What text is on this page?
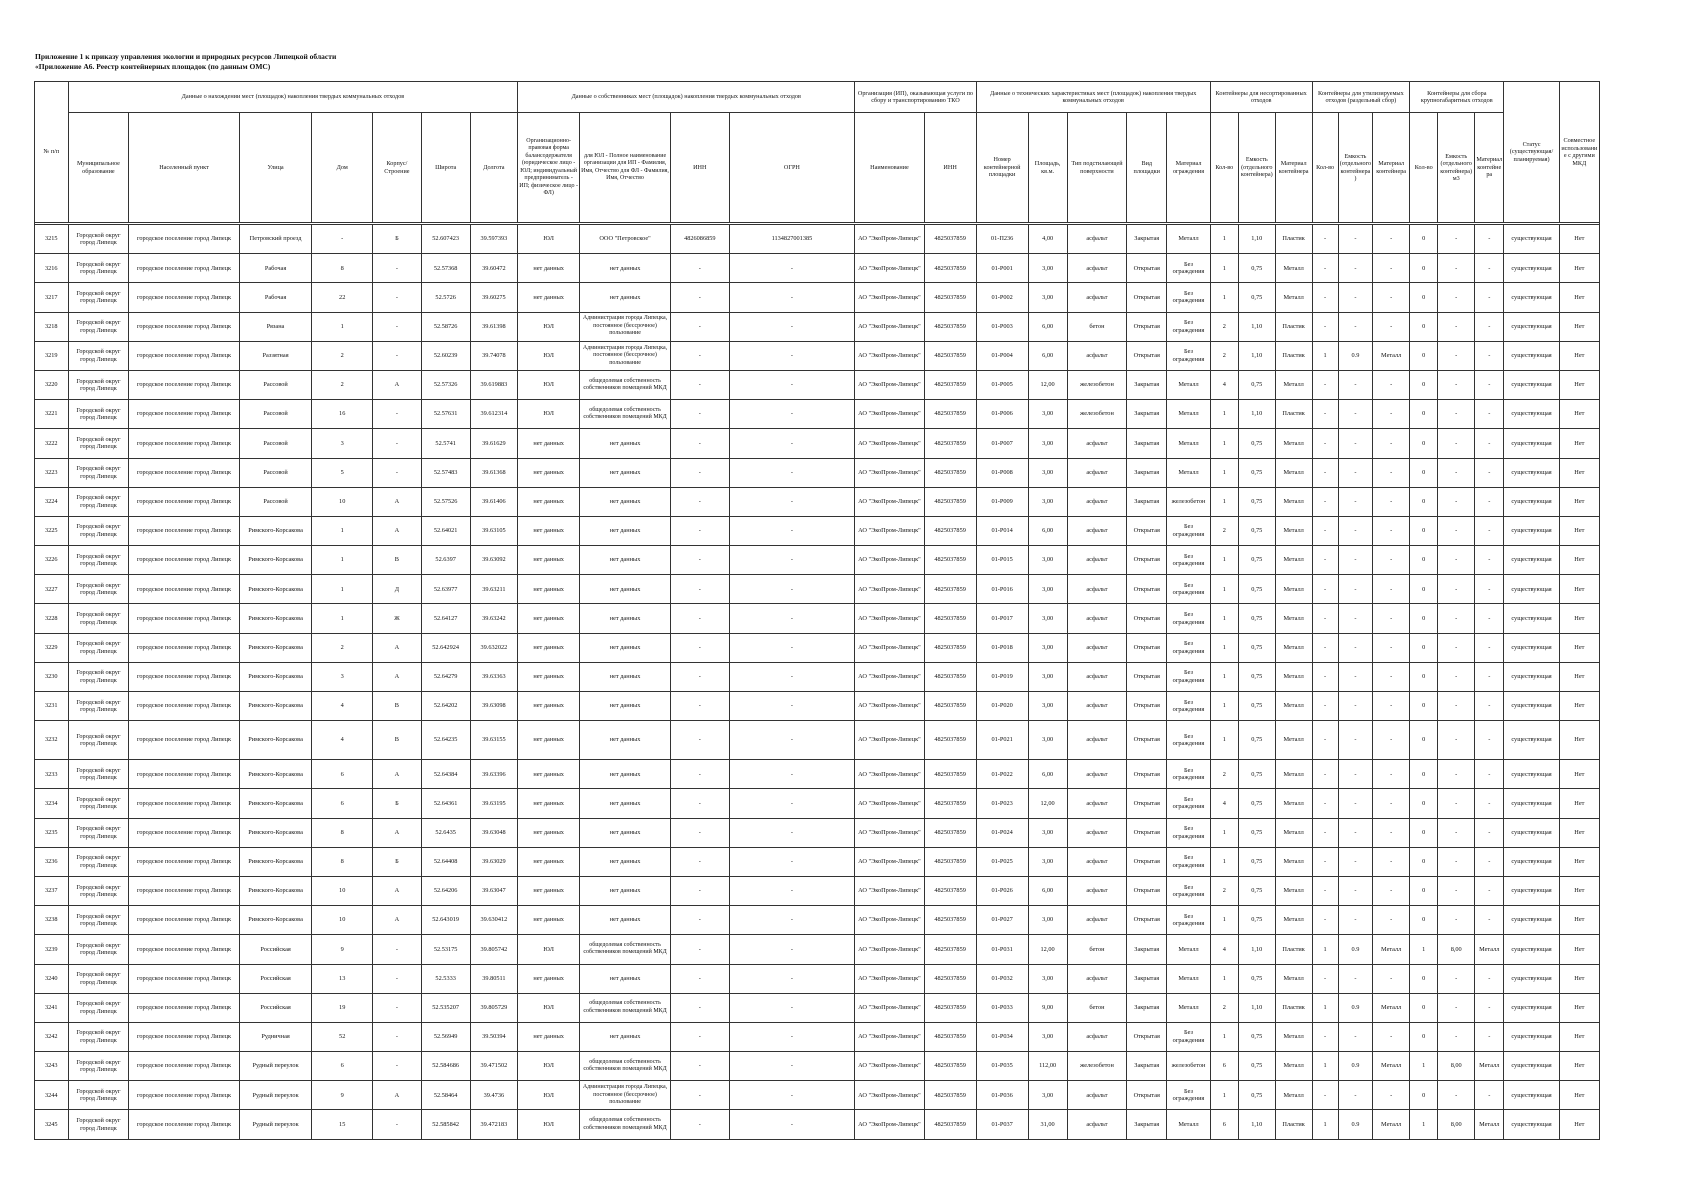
Приложение 1 к приказу управления экологии и природных ресурсов Липецкой области
«Приложение А6. Реестр контейнерных площадок (по данным ОМС)
№ п/п	Данные о нахождении мест (площадок) накопления твердых коммунальных отходов							Данные о собственниках мест (площадок) накопления твердых коммунальных отходов				Организация (ИП), оказывающая услуги по сбору и транспортированию ТКО		Данные о технических характеристиках мест (площадок) накопления твердых коммунальных отходов					Контейнеры для несортированных отходов			Контейнеры для утилизируемых отходов (раздельный сбор)			Контейнеры для сбора крупногабаритных отходов			Статус (существующая/ планируемая)	Совместное использование с другими МКД
	Муниципальное образование	Населенный пункт	Улица	Дом	Корпус/Строение	Широта	Долгота	Организационно-правовая форма балансодержателя (юридическое лицо - ЮЛ; индивидуальный предприниматель - ИП; физическое лицо - ФЛ)	для ЮЛ - Полное наименование организации для ИП - Фамилия, Имя, Отчество для ФЛ - Фамилия, Имя, Отчество	ИНН	ОГРН	Наименование	ИНН	Номер контейнерной площадки	Площадь, кв.м.	Тип подстилающей поверхности	Вид площадки	Материал ограждения	Кол-во	Емкость (отдельного контейнера)	Материал контейнера	Кол-во	Емкость (отдельного контейнера)	Материал контейнера	Кол-во	Емкость (отдельного контейнера) м3	Материал контейнера		

3215	Городской округ город Липецк	городское поселение город Липецк	Петровский проезд	-	Б	52.607423	39.597393	ЮЛ	ООО "Петровское"	4826086859	1134827001385	АО "ЭкоПром-Липецк"	4825037859	01-П236	4,00	асфальт	Закрытая	Металл	1	1,10	Пластик	-	-	-	0	-	-	существующая	Нет
3216	Городской округ город Липецк	городское поселение город Липецк	Рабочая	8	-	52.57368	39.60472	нет данных	нет данных	-	-	АО "ЭкоПром-Липецк"	4825037859	01-Р001	3,00	асфальт	Открытая	Без ограждения	1	0,75	Металл	-	-	-	0	-	-	существующая	Нет
3217	Городской округ город Липецк	городское поселение город Липецк	Рабочая	22	-	52.5726	39.60275	нет данных	нет данных	-	-	АО "ЭкоПром-Липецк"	4825037859	01-Р002	3,00	асфальт	Открытая	Без ограждения	1	0,75	Металл	-	-	-	0	-	-	существующая	Нет
3218	Городской округ город Липецк	городское поселение город Липецк	Рязана	1	-	52.58726	39.61398	ЮЛ	Администрация города Липецка, постоянное (бессрочное) пользование	-	-	АО "ЭкоПром-Липецк"	4825037859	01-Р003	6,00	бетон	Открытая	Без ограждения	2	1,10	Пластик	-	-	-	0	-	-	существующая	Нет
3219	Городской округ город Липецк	городское поселение город Липецк	Раззятная	2	-	52.60239	39.74078	ЮЛ	Администрация города Липецка, постоянное (бессрочное) пользование	-	-	АО "ЭкоПром-Липецк"	4825037859	01-Р004	6,00	асфальт	Открытая	Без ограждения	2	1,10	Пластик	1	0.9	Металл	0	-	-	существующая	Нет
3220	Городской округ город Липецк	городское поселение город Липецк	Рассовой	2	А	52.57326	39.619883	ЮЛ	общедолевая собственность собственников помещений МКД	-	-	АО "ЭкоПром-Липецк"	4825037859	01-Р005	12,00	железобетон	Закрытая	Металл	4	0,75	Металл	-	-	-	0	-	-	существующая	Нет
3221	Городской округ город Липецк	городское поселение город Липецк	Рассовой	16	-	52.57631	39.612314	ЮЛ	общедолевая собственность собственников помещений МКД	-	-	АО "ЭкоПром-Липецк"	4825037859	01-Р006	3,00	железобетон	Закрытая	Металл	1	1,10	Пластик	-	-	-	0	-	-	существующая	Нет
3222	Городской округ город Липецк	городское поселение город Липецк	Рассовой	3	-	52.5741	39.61629	нет данных	нет данных	-	-	АО "ЭкоПром-Липецк"	4825037859	01-Р007	3,00	асфальт	Закрытая	Металл	1	0,75	Металл	-	-	-	0	-	-	существующая	Нет
3223	Городской округ город Липецк	городское поселение город Липецк	Рассовой	5	-	52.57483	39.61368	нет данных	нет данных	-	-	АО "ЭкоПром-Липецк"	4825037859	01-Р008	3,00	асфальт	Закрытая	Металл	1	0,75	Металл	-	-	-	0	-	-	существующая	Нет
3224	Городской округ город Липецк	городское поселение город Липецк	Рассовой	10	А	52.57526	39.61406	нет данных	нет данных	-	-	АО "ЭкоПром-Липецк"	4825037859	01-Р009	3,00	асфальт	Закрытая	железобетон	1	0,75	Металл	-	-	-	0	-	-	существующая	Нет
3225	Городской округ город Липецк	городское поселение город Липецк	Римского-Корсакова	1	А	52.64021	39.63105	нет данных	нет данных	-	-	АО "ЭкоПром-Липецк"	4825037859	01-Р014	6,00	асфальт	Открытая	Без ограждения	2	0,75	Металл	-	-	-	0	-	-	существующая	Нет
3226	Городской округ город Липецк	городское поселение город Липецк	Римского-Корсакова	1	В	52.6397	39.63092	нет данных	нет данных	-	-	АО "ЭкоПром-Липецк"	4825037859	01-Р015	3,00	асфальт	Открытая	Без ограждения	1	0,75	Металл	-	-	-	0	-	-	существующая	Нет
3227	Городской округ город Липецк	городское поселение город Липецк	Римского-Корсакова	1	Д	52.63977	39.63211	нет данных	нет данных	-	-	АО "ЭкоПром-Липецк"	4825037859	01-Р016	3,00	асфальт	Открытая	Без ограждения	1	0,75	Металл	-	-	-	0	-	-	существующая	Нет
3228	Городской округ город Липецк	городское поселение город Липецк	Римского-Корсакова	1	Ж	52.64127	39.63242	нет данных	нет данных	-	-	АО "ЭкоПром-Липецк"	4825037859	01-Р017	3,00	асфальт	Открытая	Без ограждения	1	0,75	Металл	-	-	-	0	-	-	существующая	Нет
3229	Городской округ город Липецк	городское поселение город Липецк	Римского-Корсакова	2	А	52.642924	39.632022	нет данных	нет данных	-	-	АО "ЭкоПром-Липецк"	4825037859	01-Р018	3,00	асфальт	Открытая	Без ограждения	1	0,75	Металл	-	-	-	0	-	-	существующая	Нет
3230	Городской округ город Липецк	городское поселение город Липецк	Римского-Корсакова	3	А	52.64279	39.63363	нет данных	нет данных	-	-	АО "ЭкоПром-Липецк"	4825037859	01-Р019	3,00	асфальт	Открытая	Без ограждения	1	0,75	Металл	-	-	-	0	-	-	существующая	Нет
3231	Городской округ город Липецк	городское поселение город Липецк	Римского-Корсакова	4	В	52.64202	39.63098	нет данных	нет данных	-	-	АО "ЭкоПром-Липецк"	4825037859	01-Р020	3,00	асфальт	Открытая	Без ограждения	1	0,75	Металл	-	-	-	0	-	-	существующая	Нет
3232	Городской округ город Липецк	городское поселение город Липецк	Римского-Корсакова	4	В	52.64235	39.63155	нет данных	нет данных	-	-	АО "ЭкоПром-Липецк"	4825037859	01-Р021	3,00	асфальт	Открытая	Без ограждения	1	0,75	Металл	-	-	-	0	-	-	существующая	Нет
3233	Городской округ город Липецк	городское поселение город Липецк	Римского-Корсакова	6	А	52.64384	39.63396	нет данных	нет данных	-	-	АО "ЭкоПром-Липецк"	4825037859	01-Р022	6,00	асфальт	Открытая	Без ограждения	2	0,75	Металл	-	-	-	0	-	-	существующая	Нет
3234	Городской округ город Липецк	городское поселение город Липецк	Римского-Корсакова	6	Б	52.64361	39.63195	нет данных	нет данных	-	-	АО "ЭкоПром-Липецк"	4825037859	01-Р023	12,00	асфальт	Открытая	Без ограждения	4	0,75	Металл	-	-	-	0	-	-	существующая	Нет
3235	Городской округ город Липецк	городское поселение город Липецк	Римского-Корсакова	8	А	52.6435	39.63048	нет данных	нет данных	-	-	АО "ЭкоПром-Липецк"	4825037859	01-Р024	3,00	асфальт	Открытая	Без ограждения	1	0,75	Металл	-	-	-	0	-	-	существующая	Нет
3236	Городской округ город Липецк	городское поселение город Липецк	Римского-Корсакова	8	Б	52.64408	39.63029	нет данных	нет данных	-	-	АО "ЭкоПром-Липецк"	4825037859	01-Р025	3,00	асфальт	Открытая	Без ограждения	1	0,75	Металл	-	-	-	0	-	-	существующая	Нет
3237	Городской округ город Липецк	городское поселение город Липецк	Римского-Корсакова	10	А	52.64206	39.63047	нет данных	нет данных	-	-	АО "ЭкоПром-Липецк"	4825037859	01-Р026	6,00	асфальт	Открытая	Без ограждения	2	0,75	Металл	-	-	-	0	-	-	существующая	Нет
3238	Городской округ город Липецк	городское поселение город Липецк	Римского-Корсакова	10	А	52.643019	39.630412	нет данных	нет данных	-	-	АО "ЭкоПром-Липецк"	4825037859	01-Р027	3,00	асфальт	Открытая	Без ограждения	1	0,75	Металл	-	-	-	0	-	-	существующая	Нет
3239	Городской округ город Липецк	городское поселение город Липецк	Российская	9	-	52.53175	39.805742	ЮЛ	общедолевая собственность собственников помещений МКД	-	-	АО "ЭкоПром-Липецк"	4825037859	01-Р031	12,00	бетон	Закрытая	Металл	4	1,10	Пластик	1	0.9	Металл	1	8,00	Металл	существующая	Нет
3240	Городской округ город Липецк	городское поселение город Липецк	Российская	13	-	52.5333	39.80511	нет данных	нет данных	-	-	АО "ЭкоПром-Липецк"	4825037859	01-Р032	3,00	асфальт	Закрытая	Металл	1	0,75	Металл	-	-	-	0	-	-	существующая	Нет
3241	Городской округ город Липецк	городское поселение город Липецк	Российская	19	-	52.535207	39.805729	ЮЛ	общедолевая собственность собственников помещений МКД	-	-	АО "ЭкоПром-Липецк"	4825037859	01-Р033	9,00	бетон	Закрытая	Металл	2	1,10	Пластик	1	0.9	Металл	0	-	-	существующая	Нет
3242	Городской округ город Липецк	городское поселение город Липецк	Рудничная	52	-	52.56949	39.50394	нет данных	нет данных	-	-	АО "ЭкоПром-Липецк"	4825037859	01-Р034	3,00	асфальт	Открытая	Без ограждения	1	0,75	Металл	-	-	-	0	-	-	существующая	Нет
3243	Городской округ город Липецк	городское поселение город Липецк	Рудный переулок	6	-	52.584686	39.471502	ЮЛ	общедолевая собственность собственников помещений МКД	-	-	АО "ЭкоПром-Липецк"	4825037859	01-Р035	112,00	железобетон	Закрытая	железобетон	6	0,75	Металл	1	0.9	Металл	1	8,00	Металл	существующая	Нет
3244	Городской округ город Липецк	городское поселение город Липецк	Рудный переулок	9	А	52.58464	39.4736	ЮЛ	Администрация города Липецка, постоянное (бессрочное) пользование	-	-	АО "ЭкоПром-Липецк"	4825037859	01-Р036	3,00	асфальт	Открытая	Без ограждения	1	0,75	Металл	-	-	-	0	-	-	существующая	Нет
3245	Городской округ город Липецк	городское поселение город Липецк	Рудный переулок	15	-	52.585842	39.472183	ЮЛ	общедолевая собственность собственников помещений МКД	-	-	АО "ЭкоПром-Липецк"	4825037859	01-Р037	31,00	асфальт	Закрытая	Металл	6	1,10	Пластик	1	0.9	Металл	1	8,00	Металл	существующая	Нет
